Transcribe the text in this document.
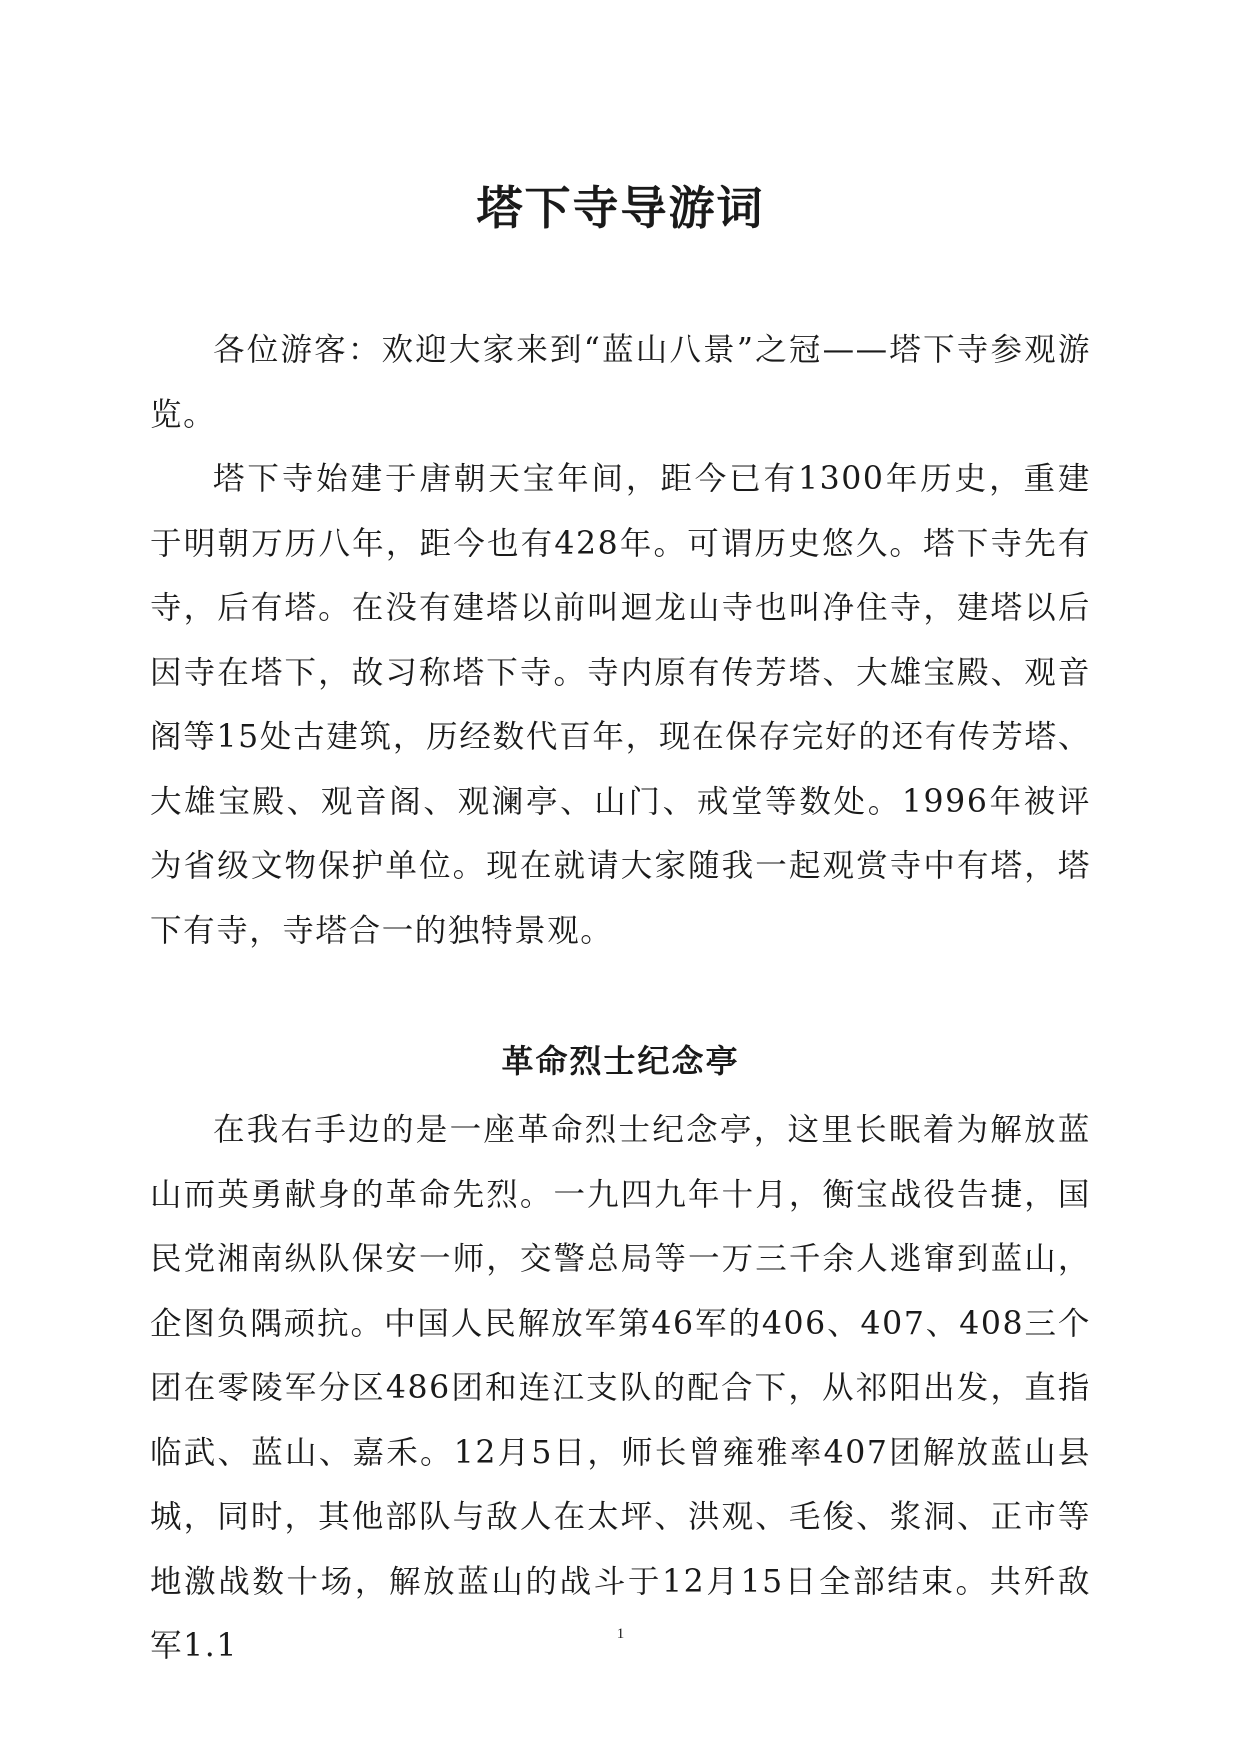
塔下寺导游词

各位游客：欢迎大家来到“蓝山八景”之冠——塔下寺参观游览。

塔下寺始建于唐朝天宝年间，距今已有1300年历史，重建于明朝万历八年，距今也有428年。可谓历史悠久。塔下寺先有寺，后有塔。在没有建塔以前叫迴龙山寺也叫净住寺，建塔以后因寺在塔下，故习称塔下寺。寺内原有传芳塔、大雄宝殿、观音阁等15处古建筑，历经数代百年，现在保存完好的还有传芳塔、大雄宝殿、观音阁、观澜亭、山门、戒堂等数处。1996年被评为省级文物保护单位。现在就请大家随我一起观赏寺中有塔，塔下有寺，寺塔合一的独特景观。

革命烈士纪念亭

在我右手边的是一座革命烈士纪念亭，这里长眠着为解放蓝山而英勇献身的革命先烈。一九四九年十月，衡宝战役告捷，国民党湘南纵队保安一师，交警总局等一万三千余人逃窜到蓝山，企图负隅顽抗。中国人民解放军第46军的406、407、408三个团在零陵军分区486团和连江支队的配合下，从祁阳出发，直指临武、蓝山、嘉禾。12月5日，师长曾雍雅率407团解放蓝山县城，同时，其他部队与敌人在太坪、洪观、毛俊、浆洞、正市等地激战数十场，解放蓝山的战斗于12月15日全部结束。共歼敌军1.1	1
